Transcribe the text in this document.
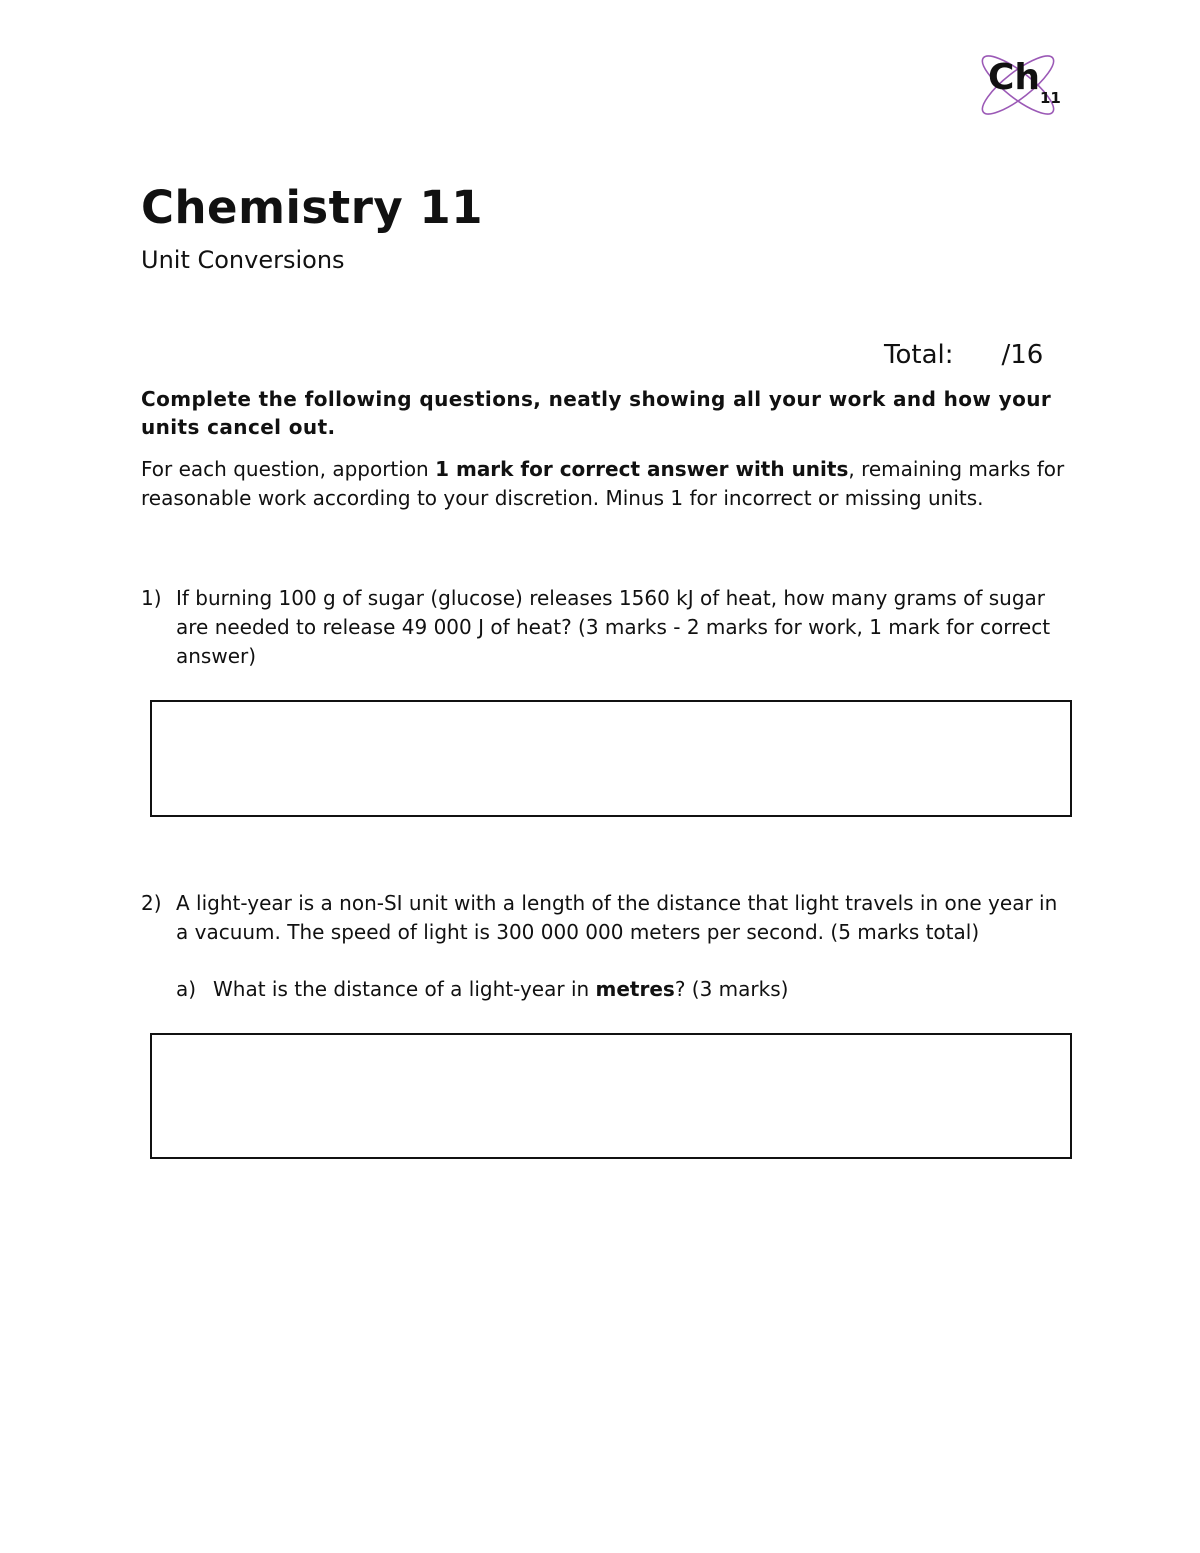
Ch 11
Chemistry 11
Unit Conversions
Total: /16
Complete the following questions, neatly showing all your work and how your units cancel out.
For each question, apportion 1 mark for correct answer with units, remaining marks for reasonable work according to your discretion. Minus 1 for incorrect or missing units.
1) If burning 100 g of sugar (glucose) releases 1560 kJ of heat, how many grams of sugar are needed to release 49 000 J of heat? (3 marks - 2 marks for work, 1 mark for correct answer)
2) A light-year is a non-SI unit with a length of the distance that light travels in one year in a vacuum. The speed of light is 300 000 000 meters per second. (5 marks total)
a) What is the distance of a light-year in metres? (3 marks)
